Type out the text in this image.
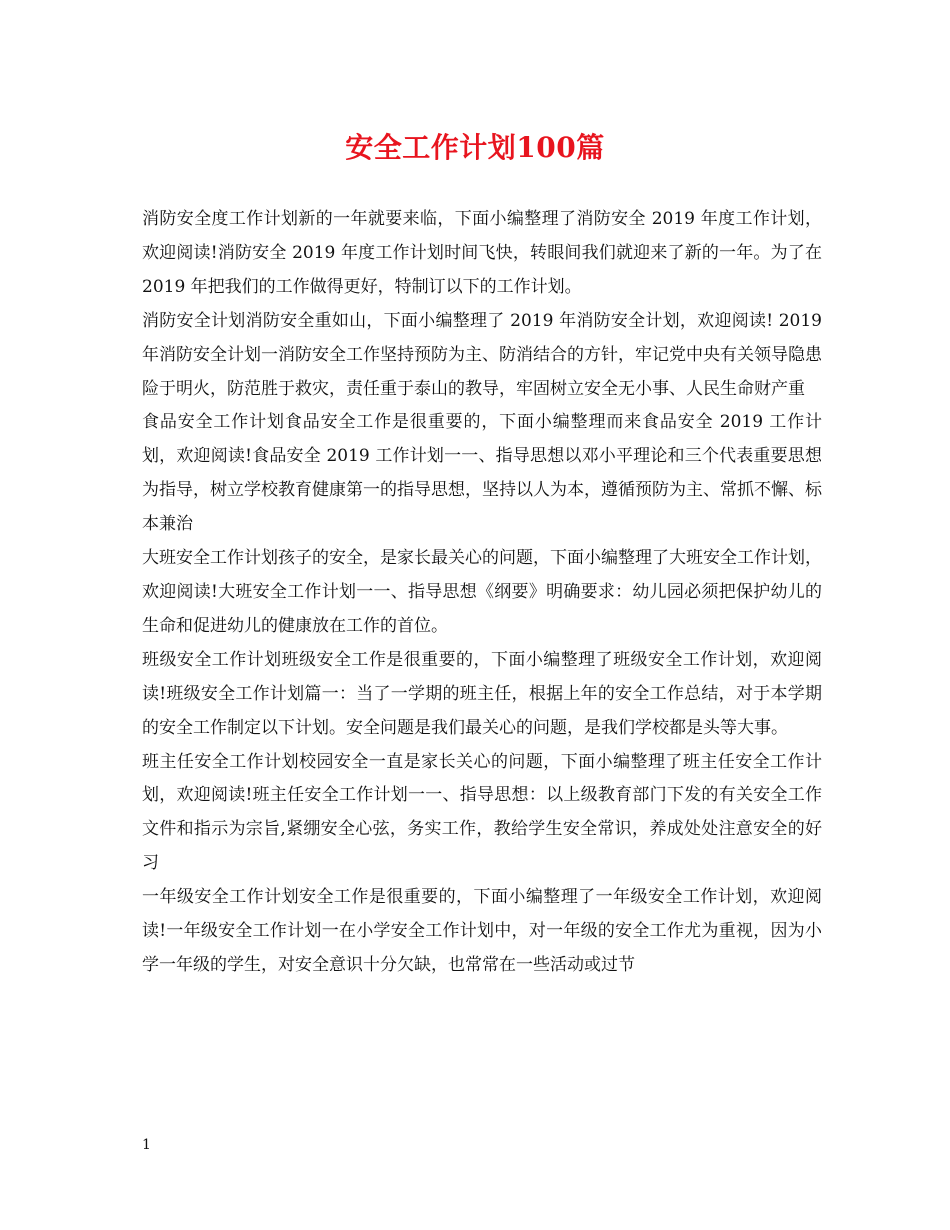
安全工作计划100篇

消防安全度工作计划新的一年就要来临，下面小编整理了消防安全 2019 年度工作计划，欢迎阅读!消防安全 2019 年度工作计划时间飞快，转眼间我们就迎来了新的一年。为了在 2019 年把我们的工作做得更好，特制订以下的工作计划。

消防安全计划消防安全重如山，下面小编整理了 2019 年消防安全计划，欢迎阅读! 2019 年消防安全计划一消防安全工作坚持预防为主、防消结合的方针，牢记党中央有关领导隐患险于明火，防范胜于救灾，责任重于泰山的教导，牢固树立安全无小事、人民生命财产重

食品安全工作计划食品安全工作是很重要的，下面小编整理而来食品安全 2019 工作计划，欢迎阅读!食品安全 2019 工作计划一一、指导思想以邓小平理论和三个代表重要思想为指导，树立学校教育健康第一的指导思想，坚持以人为本，遵循预防为主、常抓不懈、标本兼治

大班安全工作计划孩子的安全，是家长最关心的问题，下面小编整理了大班安全工作计划，欢迎阅读!大班安全工作计划一一、指导思想《纲要》明确要求：幼儿园必须把保护幼儿的生命和促进幼儿的健康放在工作的首位。

班级安全工作计划班级安全工作是很重要的，下面小编整理了班级安全工作计划，欢迎阅读!班级安全工作计划篇一：当了一学期的班主任，根据上年的安全工作总结，对于本学期的安全工作制定以下计划。安全问题是我们最关心的问题，是我们学校都是头等大事。

班主任安全工作计划校园安全一直是家长关心的问题，下面小编整理了班主任安全工作计划，欢迎阅读!班主任安全工作计划一一、指导思想：以上级教育部门下发的有关安全工作文件和指示为宗旨,紧绷安全心弦，务实工作，教给学生安全常识，养成处处注意安全的好习

一年级安全工作计划安全工作是很重要的，下面小编整理了一年级安全工作计划，欢迎阅读!一年级安全工作计划一在小学安全工作计划中，对一年级的安全工作尤为重视，因为小学一年级的学生，对安全意识十分欠缺，也常常在一些活动或过节

1
